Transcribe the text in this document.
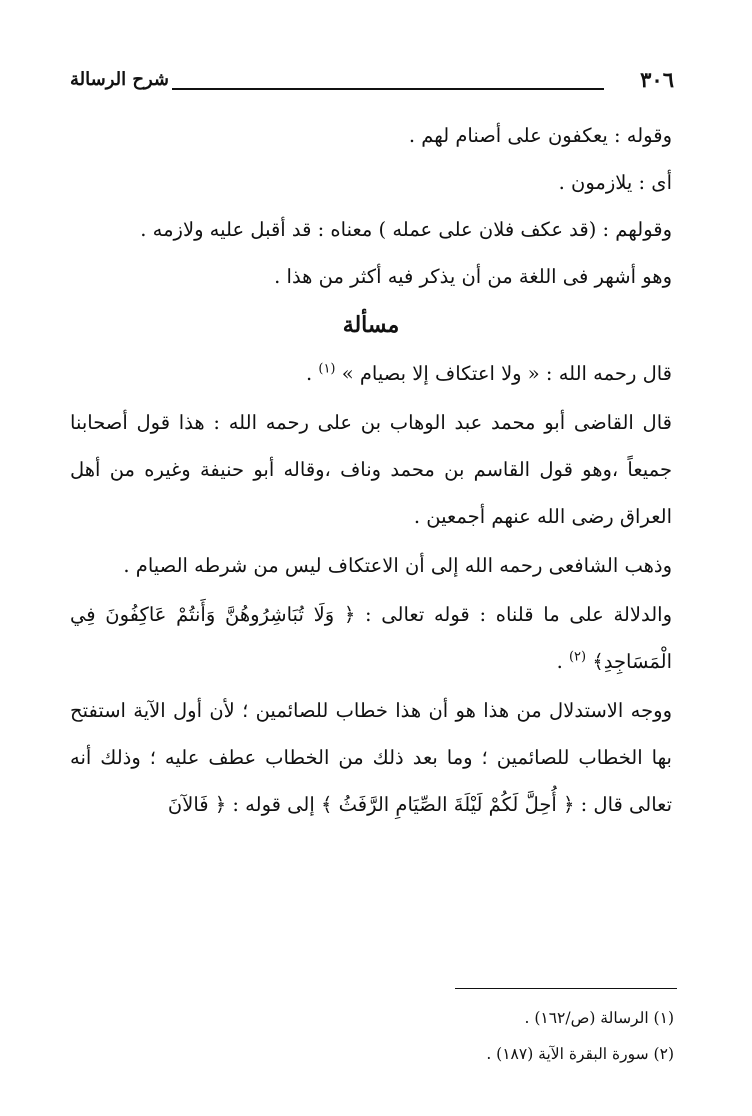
٣٠٦
شرح الرسالة

وقوله : يعكفون على أصنام لهم .

أى : يلازمون .

وقولهم : (قد عكف فلان على عمله ) معناه : قد أقبل عليه ولازمه .

وهو أشهر فى اللغة من أن يذكر فيه أكثر من هذا .

مسألة

قال رحمه الله : « ولا اعتكاف إلا بصيام » $^{(١)}$ .

قال القاضى أبو محمد عبد الوهاب بن على رحمه الله : هذا قول أصحابنا جميعاً ،وهو قول القاسم بن محمد وناف ،وقاله أبو حنيفة وغيره من أهل العراق رضى الله عنهم أجمعين .

وذهب الشافعى رحمه الله إلى أن الاعتكاف ليس من شرطه الصيام .

والدلالة على ما قلناه : قوله تعالى : ﴿ وَلَا تُبَاشِرُوهُنَّ وَأَنتُمْ عَاكِفُونَ فِي الْمَسَاجِدِ﴾ $^{(٢)}$ .

ووجه الاستدلال من هذا هو أن هذا خطاب للصائمين ؛ لأن أول الآية استفتح بها الخطاب للصائمين ؛ وما بعد ذلك من الخطاب عطف عليه ؛ وذلك أنه تعالى قال : ﴿ أُحِلَّ لَكُمْ لَيْلَةَ الصِّيَامِ الرَّفَثُ ﴾ إلى قوله : ﴿ فَالآنَ

(١) الرسالة (ص/١٦٢) .

(٢) سورة البقرة الآية (١٨٧) .
